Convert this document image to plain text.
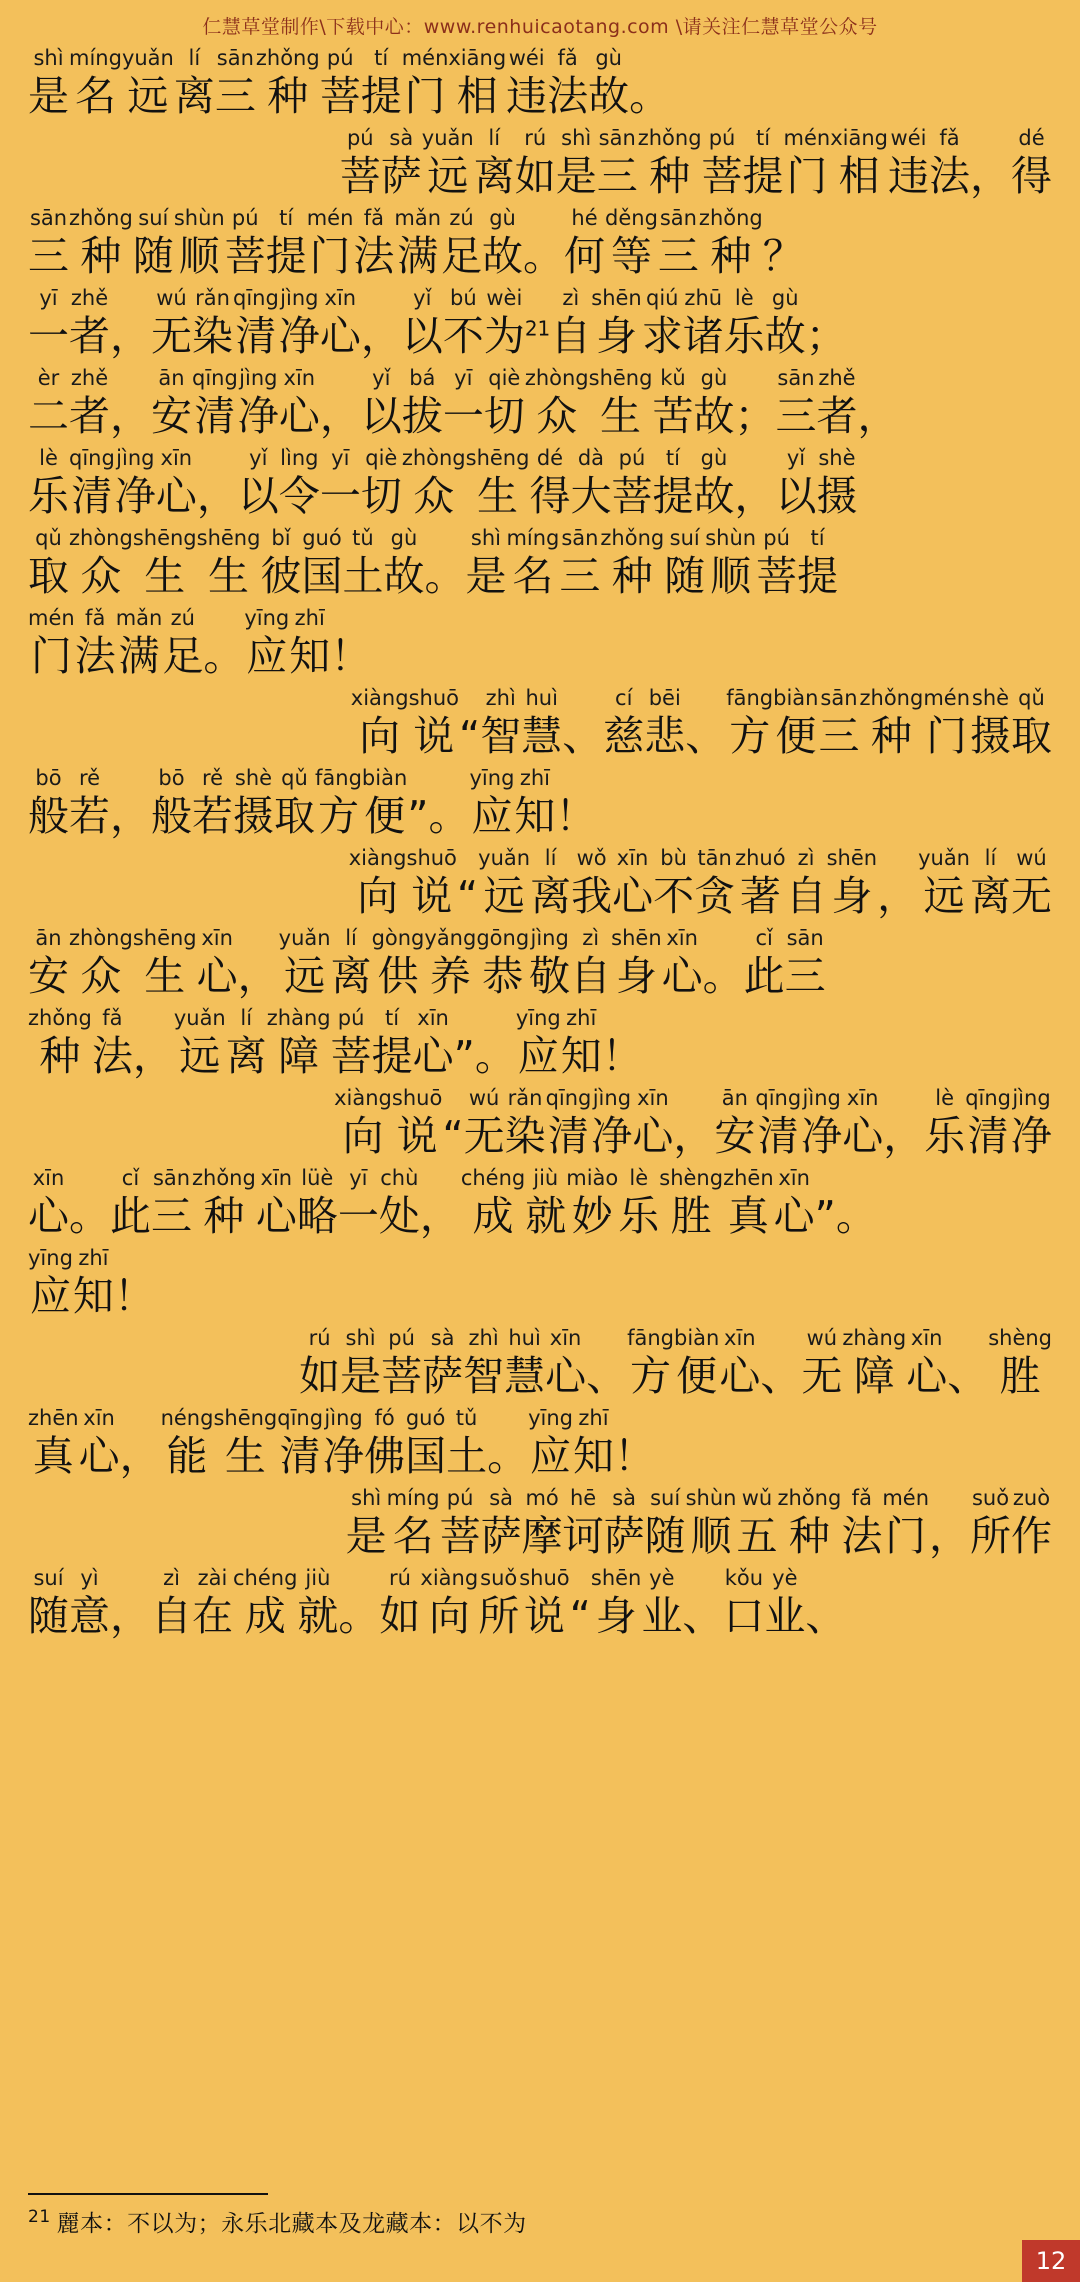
仁慧草堂制作\下载中心：www.renhuicaotang.com \请关注仁慧草堂公众号
shì
是
míng
名
yuǎn
远
lí
离
sān
三
zhǒng
种
pú
菩
tí
提
mén
门
xiāng
相
wéi
违
fǎ
法
gù
故 。
pú
菩
sà
萨
yuǎn
远
lí
离
rú
如
shì
是
sān
三
zhǒng
种
pú
菩
tí
提
mén
门
xiāng
相
wéi
违
fǎ
法 ，
dé
得
sān
三
zhǒng
种
suí
随
shùn
顺
pú
菩
tí
提
mén
门
fǎ
法
mǎn
满
zú
足
gù
故 。
hé
何
děng
等
sān
三
zhǒng
种 ？
yī
一
zhě
者 ，
wú
无
rǎn
染
qīng
清
jìng
净
xīn
心 ，
yǐ
以
bú
不
wèi
为 $^{21}$
zì
自
shēn
身
qiú
求
zhū
诸
lè
乐
gù
故 ；
èr
二
zhě
者 ，
ān
安
qīng
清
jìng
净
xīn
心 ，
yǐ
以
bá
拔
yī
一
qiè
切
zhòng
众
shēng
生
kǔ
苦
gù
故 ；
sān
三
zhě
者 ，
lè
乐
qīng
清
jìng
净
xīn
心 ，
yǐ
以
lìng
令
yī
一
qiè
切
zhòng
众
shēng
生
dé
得
dà
大
pú
菩
tí
提
gù
故 ，
yǐ
以
shè
摄
qǔ
取
zhòng
众
shēng
生
shēng
生
bǐ
彼
guó
国
tǔ
土
gù
故 。
shì
是
míng
名
sān
三
zhǒng
种
suí
随
shùn
顺
pú
菩
tí
提
mén
门
fǎ
法
mǎn
满
zú
足 。
yīng
应
zhī
知 ！
xiàng
向
shuō
说 “
zhì
智
huì
慧 、
cí
慈
bēi
悲 、
fāng
方
biàn
便
sān
三
zhǒng
种
mén
门
shè
摄
qǔ
取
bō
般
rě
若 ，
bō
般
rě
若
shè
摄
qǔ
取
fāng
方
biàn
便 ” 。
yīng
应
zhī
知 ！
xiàng
向
shuō
说 “
yuǎn
远
lí
离
wǒ
我
xīn
心
bù
不
tān
贪
zhuó
著
zì
自
shēn
身 ，
yuǎn
远
lí
离
wú
无
ān
安
zhòng
众
shēng
生
xīn
心 ，
yuǎn
远
lí
离
gòng
供
yǎng
养
gōng
恭
jìng
敬
zì
自
shēn
身
xīn
心 。
cǐ
此
sān
三
zhǒng
种
fǎ
法 ，
yuǎn
远
lí
离
zhàng
障
pú
菩
tí
提
xīn
心 ” 。
yīng
应
zhī
知 ！
xiàng
向
shuō
说 “
wú
无
rǎn
染
qīng
清
jìng
净
xīn
心 ，
ān
安
qīng
清
jìng
净
xīn
心 ，
lè
乐
qīng
清
jìng
净
xīn
心 。
cǐ
此
sān
三
zhǒng
种
xīn
心
lüè
略
yī
一
chù
处 ，
chéng
成
jiù
就
miào
妙
lè
乐
shèng
胜
zhēn
真
xīn
心 ” 。
yīng
应
zhī
知 ！
rú
如
shì
是
pú
菩
sà
萨
zhì
智
huì
慧
xīn
心 、
fāng
方
biàn
便
xīn
心 、
wú
无
zhàng
障
xīn
心 、
shèng
胜
zhēn
真
xīn
心 ，
néng
能
shēng
生
qīng
清
jìng
净
fó
佛
guó
国
tǔ
土 。
yīng
应
zhī
知 ！
shì
是
míng
名
pú
菩
sà
萨
mó
摩
hē
诃
sà
萨
suí
随
shùn
顺
wǔ
五
zhǒng
种
fǎ
法
mén
门 ，
suǒ
所
zuò
作
suí
随
yì
意 ，
zì
自
zài
在
chéng
成
jiù
就 。
rú
如
xiàng
向
suǒ
所
shuō
说 “
shēn
身
yè
业 、
kǒu
口
yè
业 、
$^{21}$ 麗本：不以为；永乐北藏本及龙藏本：以不为
12
